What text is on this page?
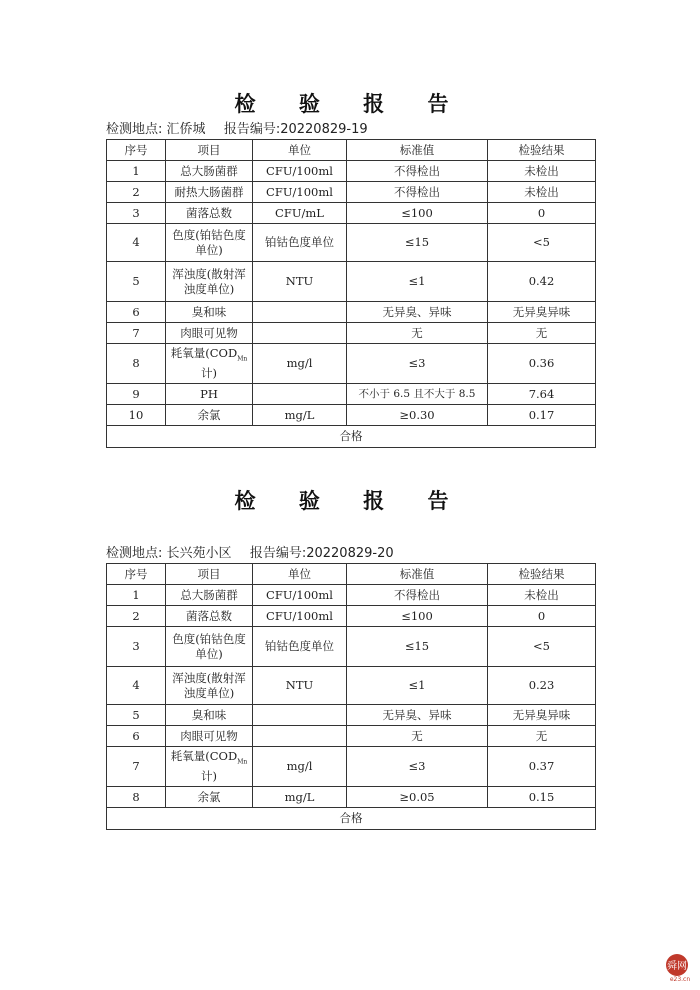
检 验 报 告
检测地点: 汇侨城 报告编号:20220829-19
序号	项目	单位	标准值	检验结果
1	总大肠菌群	CFU/100ml	不得检出	未检出
2	耐热大肠菌群	CFU/100ml	不得检出	未检出
3	菌落总数	CFU/mL	≤100	0
4	色度(铂钴色度单位)	铂钴色度单位	≤15	<5
5	浑浊度(散射浑浊度单位)	NTU	≤1	0.42
6	臭和味		无异臭、异味	无异臭异味
7	肉眼可见物		无	无
8	耗氧量($COD_{Mn}$计)	mg/l	≤3	0.36
9	PH		不小于 6.5 且不大于 8.5	7.64
10	余氯	mg/L	≥0.30	0.17
合格				
检 验 报 告
检测地点: 长兴苑小区 报告编号:20220829-20
序号	项目	单位	标准值	检验结果
1	总大肠菌群	CFU/100ml	不得检出	未检出
2	菌落总数	CFU/100ml	≤100	0
3	色度(铂钴色度单位)	铂钴色度单位	≤15	<5
4	浑浊度(散射浑浊度单位)	NTU	≤1	0.23
5	臭和味		无异臭、异味	无异臭异味
6	肉眼可见物		无	无
7	耗氧量($COD_{Mn}$计)	mg/l	≤3	0.37
8	余氯	mg/L	≥0.05	0.15
合格				
舜网
e23.cn
